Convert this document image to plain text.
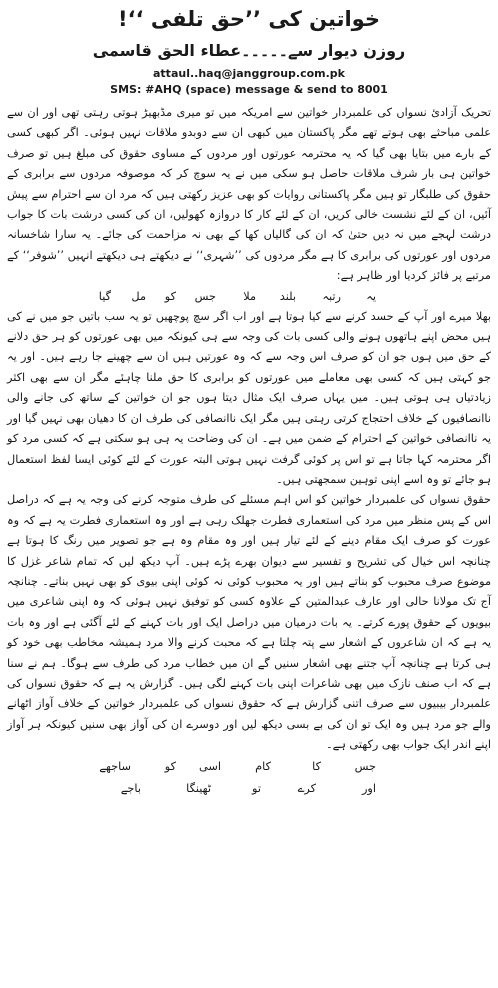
خواتین کی ’’حق تلفی ‘‘!
روزن دیوار سے۔۔۔۔۔عطاء الحق قاسمی
attaul..haq@janggroup.com.pk
SMS: #AHQ (space) message & send to 8001

تحریک آزادیٔ نسواں کی علمبردار خواتین سے امریکہ میں تو میری مڈبھیڑ ہوتی رہتی تھی اور ان سے علمی مباحثے بھی ہوتے تھے مگر پاکستان میں کبھی ان سے دوبدو ملاقات نہیں ہوئی۔ اگر کبھی کسی کے بارے میں بتایا بھی گیا کہ یہ محترمہ عورتوں اور مردوں کے مساوی حقوق کی مبلغ ہیں تو صرف خواتین ہی بار شرف ملاقات حاصل ہو سکی میں نے یہ سوچ کر کہ موصوفہ مردوں سے برابری کے حقوق کی طلبگار تو ہیں مگر پاکستانی روایات کو بھی عزیز رکھتی ہیں کہ مرد ان سے احترام سے پیش آئیں، ان کے لئے نشست خالی کریں، ان کے لئے کار کا دروازہ کھولیں، ان کی کسی درشت بات کا جواب درشت لہجے میں نہ دیں حتیٰ کہ ان کی گالیاں کھا کے بھی نہ مزاحمت کی جائے۔ یہ سارا شاخسانہ مردوں اور عورتوں کی برابری کا ہے مگر مردوں کی ’’شہری‘‘ نے دیکھتے ہی دیکھتے انہیں ’’شوفر‘‘ کے مرتبے پر فائز کردیا اور ظاہر ہے:

یہ
رتبہ
بلند
ملا
جس
کو
مل
گیا

بھلا میرے اور آپ کے حسد کرنے سے کیا ہوتا ہے اور اب اگر سچ پوچھیں تو یہ سب باتیں جو میں نے کی ہیں محض اپنے ہاتھوں ہونے والی کسی بات کی وجہ سے ہی کیونکہ میں بھی عورتوں کو ہر حق دلانے کے حق میں ہوں جو ان کو صرف اس وجہ سے کہ وہ عورتیں ہیں ان سے چھینے جا رہے ہیں۔ اور یہ جو کہتی ہیں کہ کسی بھی معاملے میں عورتوں کو برابری کا حق ملنا چاہئے مگر ان سے بھی اکثر زیادتیاں ہی ہوتی ہیں۔ میں یہاں صرف ایک مثال دیتا ہوں جو ان خواتین کے ساتھ کی جانے والی ناانصافیوں کے خلاف احتجاج کرتی رہتی ہیں مگر ایک ناانصافی کی طرف ان کا دھیان بھی نہیں گیا اور یہ ناانصافی خواتین کے احترام کے ضمن میں ہے۔ ان کی وضاحت یہ ہی ہو سکتی ہے کہ کسی مرد کو اگر محترمہ کہا جاتا ہے تو اس پر کوئی گرفت نہیں ہوتی البتہ عورت کے لئے کوئی ایسا لفظ استعمال ہو جائے تو وہ اسے اپنی توہین سمجھتی ہیں۔

حقوق نسواں کی علمبردار خواتین کو اس اہم مسئلے کی طرف متوجہ کرنے کی وجہ یہ ہے کہ دراصل اس کے پس منظر میں مرد کی استعماری فطرت جھلک رہی ہے اور وہ استعماری فطرت یہ ہے کہ وہ عورت کو صرف ایک مقام دینے کے لئے تیار ہیں اور وہ مقام وہ ہے جو تصویر میں رنگ کا ہوتا ہے چنانچہ اس خیال کی تشریح و تفسیر سے دیوان بھرے پڑے ہیں۔ آپ دیکھ لیں کہ تمام شاعر غزل کا موضوع صرف محبوب کو بناتے ہیں اور یہ محبوب کوئی نہ کوئی اپنی بیوی کو بھی نہیں بناتے۔ چنانچہ آج تک مولانا حالی اور عارف عبدالمتین کے علاوہ کسی کو توفیق نہیں ہوئی کہ وہ اپنی شاعری میں بیویوں کے حقوق پورے کرتے۔ یہ بات درمیان میں دراصل ایک اور بات کہنے کے لئے آگئی ہے اور وہ بات یہ ہے کہ ان شاعروں کے اشعار سے پتہ چلتا ہے کہ محبت کرنے والا مرد ہمیشہ مخاطب بھی خود کو ہی کرتا ہے چنانچہ آپ جتنے بھی اشعار سنیں گے ان میں خطاب مرد کی طرف سے ہوگا۔ ہم نے سنا ہے کہ اب صنف نازک میں بھی شاعرات اپنی بات کہنے لگی ہیں۔ گزارش یہ ہے کہ حقوق نسواں کی علمبردار بیبیوں سے صرف اتنی گزارش ہے کہ حقوق نسواں کی علمبردار خواتین کے خلاف آواز اٹھانے والے جو مرد ہیں وہ ایک تو ان کی بے بسی دیکھ لیں اور دوسرے ان کی آواز بھی سنیں کیونکہ ہر آواز اپنے اندر ایک جواب بھی رکھتی ہے۔

جس
کا
کام
اسی
کو
ساجھے
اور
کرے
تو
ٹھینگا
باجے
